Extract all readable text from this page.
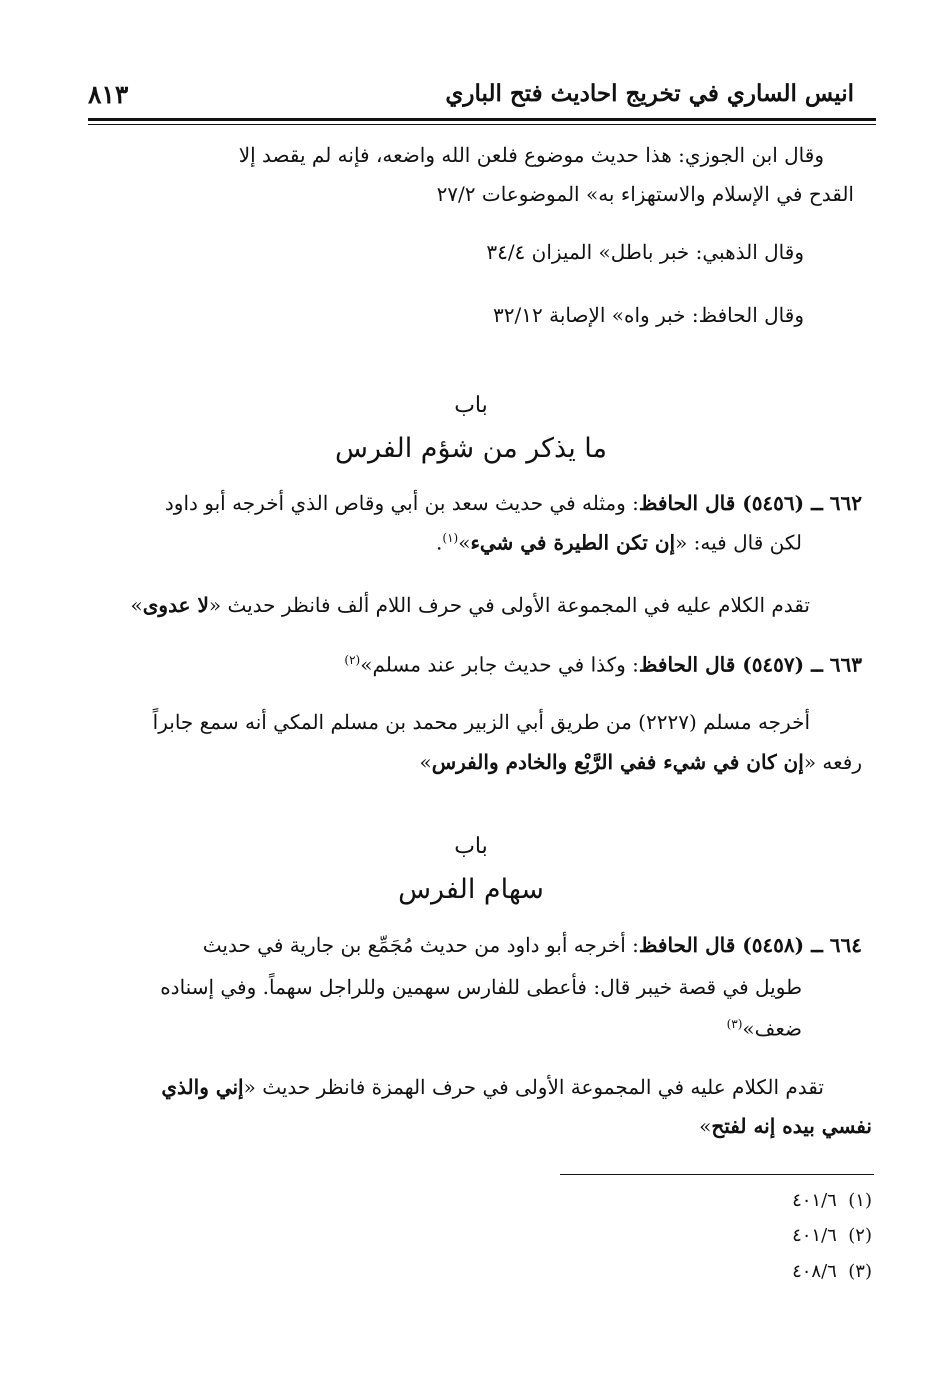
انيس الساري في تخريج احاديث فتح الباري
٨١٣
وقال ابن الجوزي: هذا حديث موضوع فلعن الله واضعه، فإنه لم يقصد إلا
القدح في الإسلام والاستهزاء به» الموضوعات ٢٧/٢
وقال الذهبي: خبر باطل» الميزان ٣٤/٤
وقال الحافظ: خبر واه» الإصابة ٣٢/١٢
باب
ما يذكر من شؤم الفرس
٦٦٢ ــ (٥٤٥٦) قال الحافظ: ومثله في حديث سعد بن أبي وقاص الذي أخرجه أبو داود
لكن قال فيه: «إن تكن الطيرة في شيء»$^{(١)}$.
تقدم الكلام عليه في المجموعة الأولى في حرف اللام ألف فانظر حديث «لا عدوى»
٦٦٣ ــ (٥٤٥٧) قال الحافظ: وكذا في حديث جابر عند مسلم»$^{(٢)}$
أخرجه مسلم (٢٢٢٧) من طريق أبي الزبير محمد بن مسلم المكي أنه سمع جابراً
رفعه «إن كان في شيء ففي الرَّبْع والخادم والفرس»
باب
سهام الفرس
٦٦٤ ــ (٥٤٥٨) قال الحافظ: أخرجه أبو داود من حديث مُجَمِّع بن جارية في حديث
طويل في قصة خيبر قال: فأعطى للفارس سهمين وللراجل سهماً. وفي إسناده
ضعف»$^{(٣)}$
تقدم الكلام عليه في المجموعة الأولى في حرف الهمزة فانظر حديث «إني والذي
نفسي بيده إنه لفتح»
(١)  ٤٠١/٦
(٢)  ٤٠١/٦
(٣)  ٤٠٨/٦
